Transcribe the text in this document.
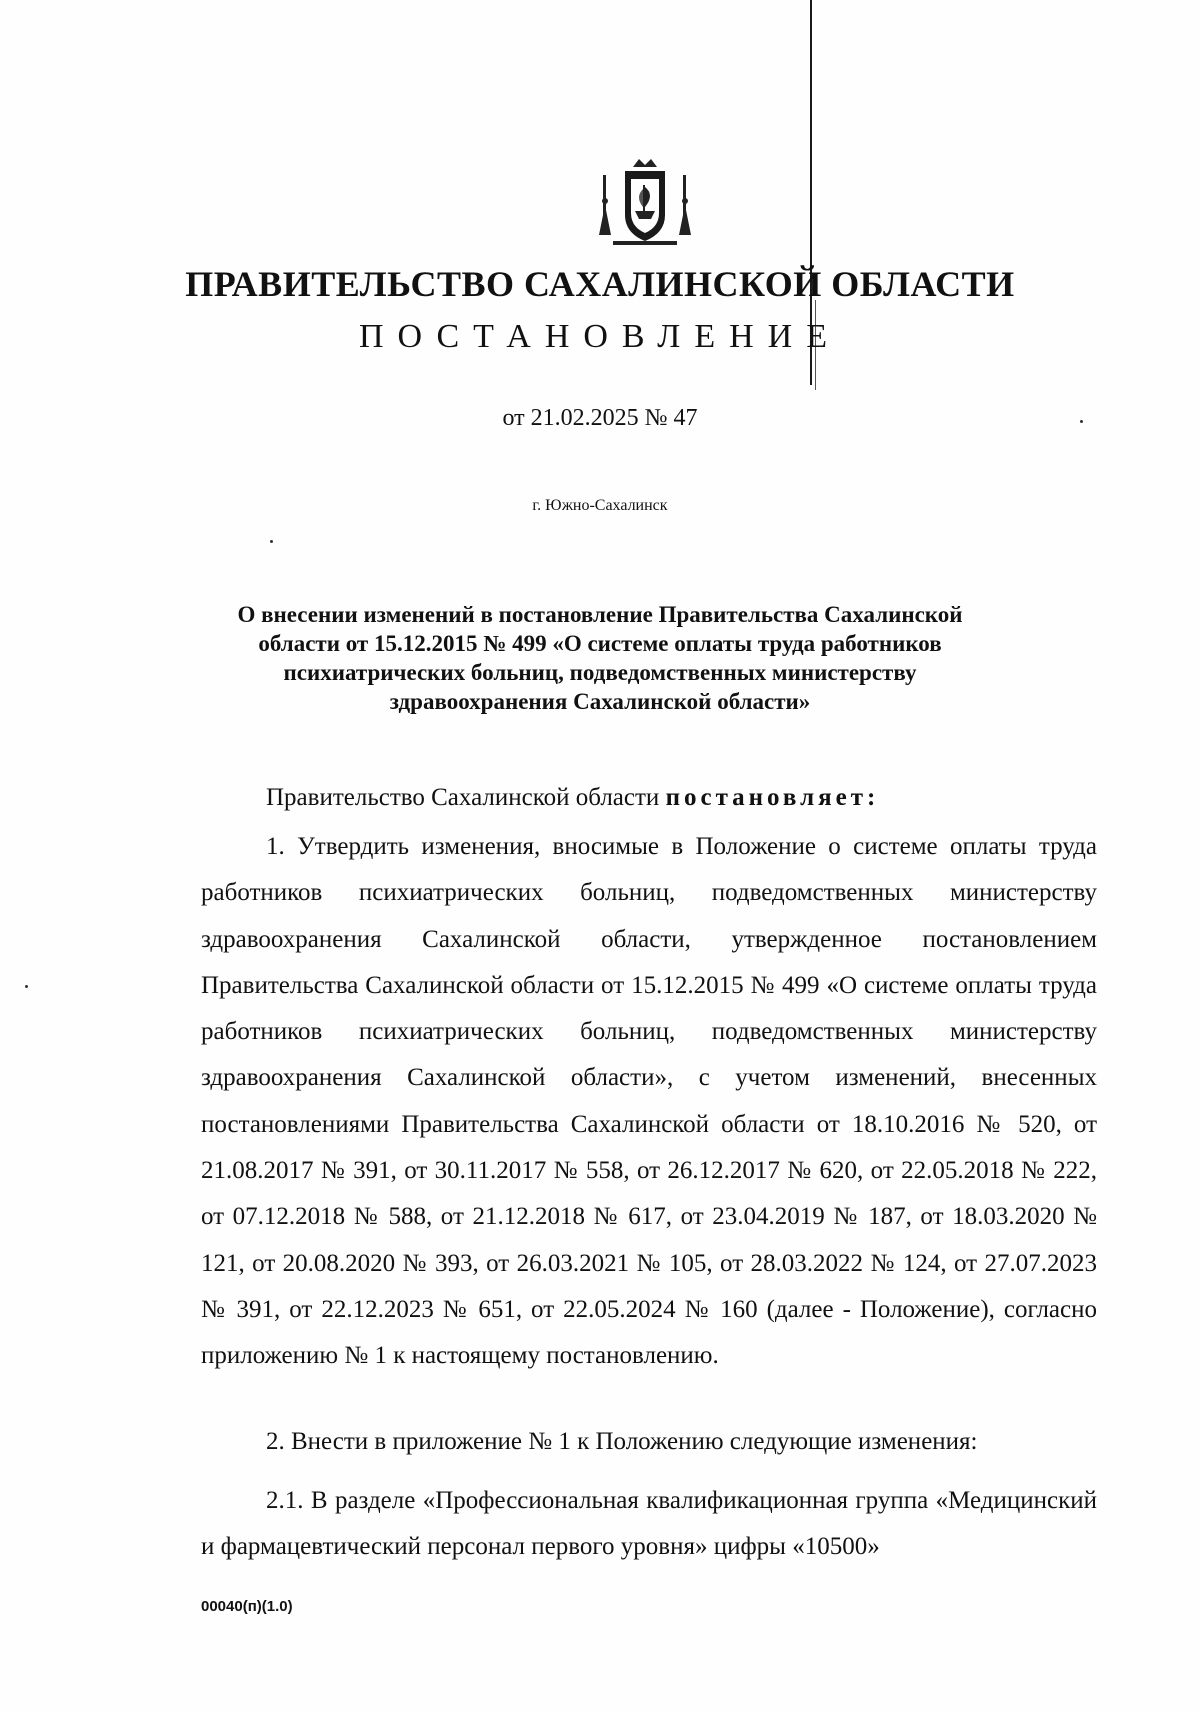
ПРАВИТЕЛЬСТВО САХАЛИНСКОЙ ОБЛАСТИ
ПОСТАНОВЛЕНИЕ
от 21.02.2025 № 47
г. Южно-Сахалинск
О внесении изменений в постановление Правительства Сахалинской области от 15.12.2015 № 499 «О системе оплаты труда работников психиатрических больниц, подведомственных министерству здравоохранения Сахалинской области»
Правительство Сахалинской области постановляет:
1. Утвердить изменения, вносимые в Положение о системе оплаты труда работников психиатрических больниц, подведомственных министерству здравоохранения Сахалинской области, утвержденное постановлением Правительства Сахалинской области от 15.12.2015 № 499 «О системе оплаты труда работников психиатрических больниц, подведомственных министерству здравоохранения Сахалинской области», с учетом изменений, внесенных постановлениями Правительства Сахалинской области от 18.10.2016 № 520, от 21.08.2017 № 391, от 30.11.2017 № 558, от 26.12.2017 № 620, от 22.05.2018 № 222, от 07.12.2018 № 588, от 21.12.2018 № 617, от 23.04.2019 № 187, от 18.03.2020 № 121, от 20.08.2020 № 393, от 26.03.2021 № 105, от 28.03.2022 № 124, от 27.07.2023 № 391, от 22.12.2023 № 651, от 22.05.2024 № 160 (далее - Положение), согласно приложению № 1 к настоящему постановлению.
2. Внести в приложение № 1 к Положению следующие изменения:
2.1. В разделе «Профессиональная квалификационная группа «Медицинский и фармацевтический персонал первого уровня» цифры «10500»
00040(п)(1.0)
